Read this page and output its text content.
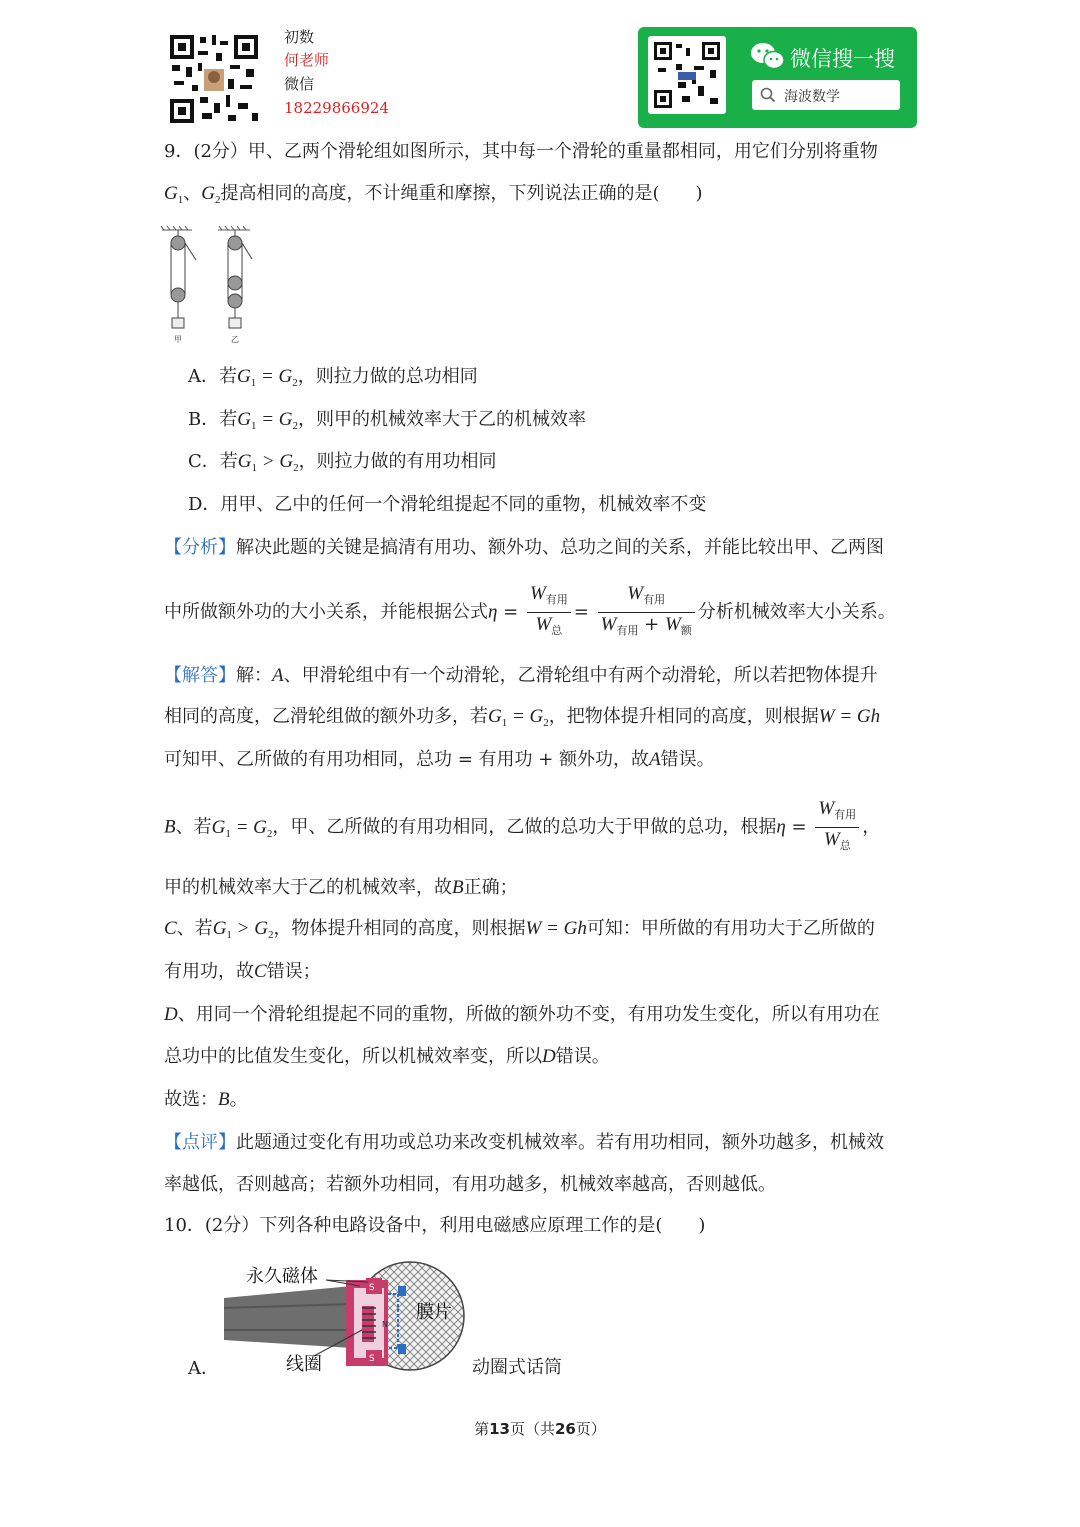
初数
何老师
微信
18229866924
微信搜一搜
海波数学
9．(2分）甲、乙两个滑轮组如图所示，其中每一个滑轮的重量都相同，用它们分别将重物
$G_1$、$G_2$提高相同的高度，不计绳重和摩擦，下列说法正确的是(　　)
甲	乙
A．若$G_1 = G_2$，则拉力做的总功相同
B．若$G_1 = G_2$，则甲的机械效率大于乙的机械效率
C．若$G_1 > G_2$，则拉力做的有用功相同
D．用甲、乙中的任何一个滑轮组提起不同的重物，机械效率不变
【分析】解决此题的关键是搞清有用功、额外功、总功之间的关系，并能比较出甲、乙两图
中所做额外功的大小关系，并能根据公式$\eta = \frac{W_{有用}}{W_总} = \frac{W_{有用}}{W_{有用} + W_额}$ 分析机械效率大小关系。
【解答】解：A、甲滑轮组中有一个动滑轮，乙滑轮组中有两个动滑轮，所以若把物体提升
相同的高度，乙滑轮组做的额外功多，若$G_1 = G_2$，把物体提升相同的高度，则根据W = Gh
可知甲、乙所做的有用功相同，总功 = 有用功 + 额外功，故A错误。
B、若$G_1 = G_2$，甲、乙所做的有用功相同，乙做的总功大于甲做的总功，根据$\eta = \frac{W_{有用}}{W_总}$ ，
甲的机械效率大于乙的机械效率，故B正确；
C、若$G_1 > G_2$，物体提升相同的高度，则根据W = Gh可知：甲所做的有用功大于乙所做的
有用功，故C错误；
D、用同一个滑轮组提起不同的重物，所做的额外功不变，有用功发生变化，所以有用功在
总功中的比值发生变化，所以机械效率变，所以D错误。
故选：B。
【点评】此题通过变化有用功或总功来改变机械效率。若有用功相同，额外功越多，机械效
率越低，否则越高；若额外功相同，有用功越多，机械效率越高，否则越低。
10．(2分）下列各种电路设备中，利用电磁感应原理工作的是(　　)
S
N
S
永久磁体
膜片
线圈
A．	动圈式话筒
第13页（共26页）
